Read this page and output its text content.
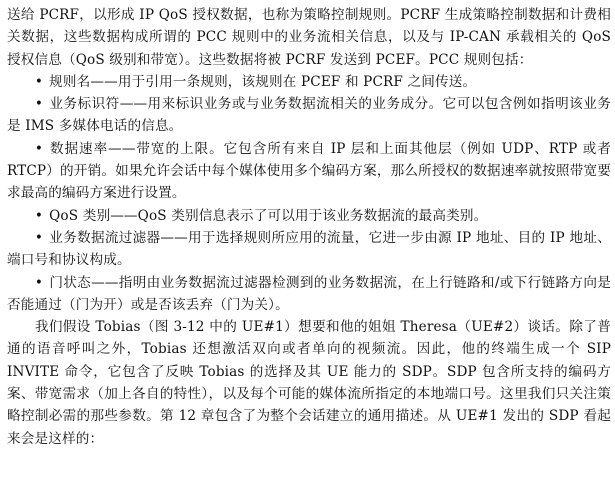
送给 PCRF，以形成 IP QoS 授权数据，也称为策略控制规则。PCRF 生成策略控制数据和计费相关数据，这些数据构成所谓的 PCC 规则中的业务流相关信息，以及与 IP-CAN 承载相关的 QoS 授权信息（QoS 级别和带宽）。这些数据将被 PCRF 发送到 PCEF。PCC 规则包括：

• 规则名——用于引用一条规则，该规则在 PCEF 和 PCRF 之间传送。

• 业务标识符——用来标识业务或与业务数据流相关的业务成分。它可以包含例如指明该业务是 IMS 多媒体电话的信息。

• 数据速率——带宽的上限。它包含所有来自 IP 层和上面其他层（例如 UDP、RTP 或者 RTCP）的开销。如果允许会话中每个媒体使用多个编码方案，那么所授权的数据速率就按照带宽要求最高的编码方案进行设置。

• QoS 类别——QoS 类别信息表示了可以用于该业务数据流的最高类别。

• 业务数据流过滤器——用于选择规则所应用的流量，它进一步由源 IP 地址、目的 IP 地址、端口号和协议构成。

• 门状态——指明由业务数据流过滤器检测到的业务数据流，在上行链路和/或下行链路方向是否能通过（门为开）或是否该丢弃（门为关）。

我们假设 Tobias（图 3-12 中的 UE#1）想要和他的姐姐 Theresa（UE#2）谈话。除了普通的语音呼叫之外，Tobias 还想激活双向或者单向的视频流。因此，他的终端生成一个 SIP INVITE 命令，它包含了反映 Tobias 的选择及其 UE 能力的 SDP。SDP 包含所支持的编码方案、带宽需求（加上各自的特性），以及每个可能的媒体流所指定的本地端口号。这里我们只关注策略控制必需的那些参数。第 12 章包含了为整个会话建立的通用描述。从 UE#1 发出的 SDP 看起来会是这样的：
